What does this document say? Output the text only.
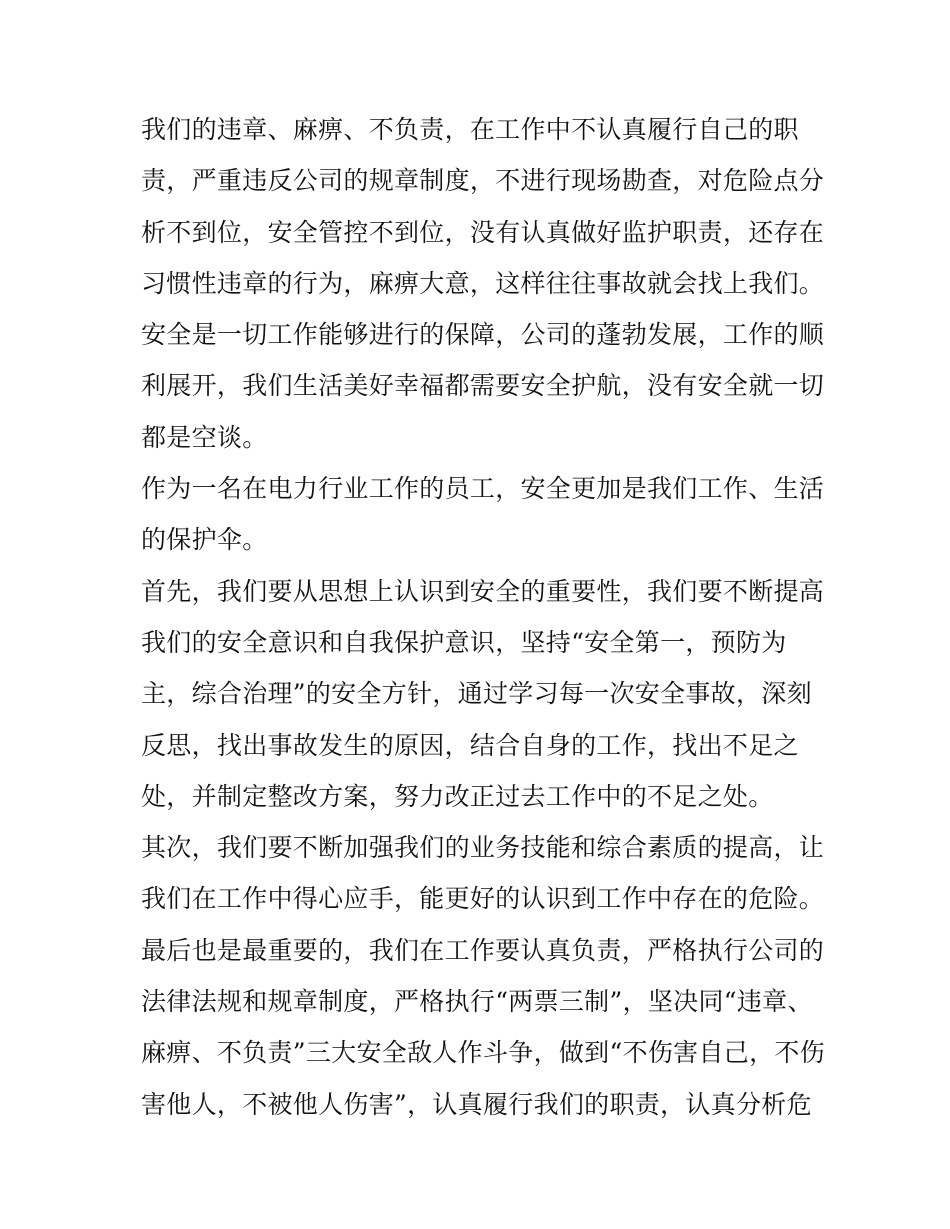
我们的违章、麻痹、不负责，在工作中不认真履行自己的职
责，严重违反公司的规章制度，不进行现场勘查，对危险点分
析不到位，安全管控不到位，没有认真做好监护职责，还存在
习惯性违章的行为，麻痹大意，这样往往事故就会找上我们。
安全是一切工作能够进行的保障，公司的蓬勃发展，工作的顺
利展开，我们生活美好幸福都需要安全护航，没有安全就一切
都是空谈。
作为一名在电力行业工作的员工，安全更加是我们工作、生活
的保护伞。
首先，我们要从思想上认识到安全的重要性，我们要不断提高
我们的安全意识和自我保护意识，坚持“安全第一，预防为
主，综合治理”的安全方针，通过学习每一次安全事故，深刻
反思，找出事故发生的原因，结合自身的工作，找出不足之
处，并制定整改方案，努力改正过去工作中的不足之处。
其次，我们要不断加强我们的业务技能和综合素质的提高，让
我们在工作中得心应手，能更好的认识到工作中存在的危险。
最后也是最重要的，我们在工作要认真负责，严格执行公司的
法律法规和规章制度，严格执行“两票三制”，坚决同“违章、
麻痹、不负责”三大安全敌人作斗争，做到“不伤害自己，不伤
害他人，不被他人伤害”，认真履行我们的职责，认真分析危
